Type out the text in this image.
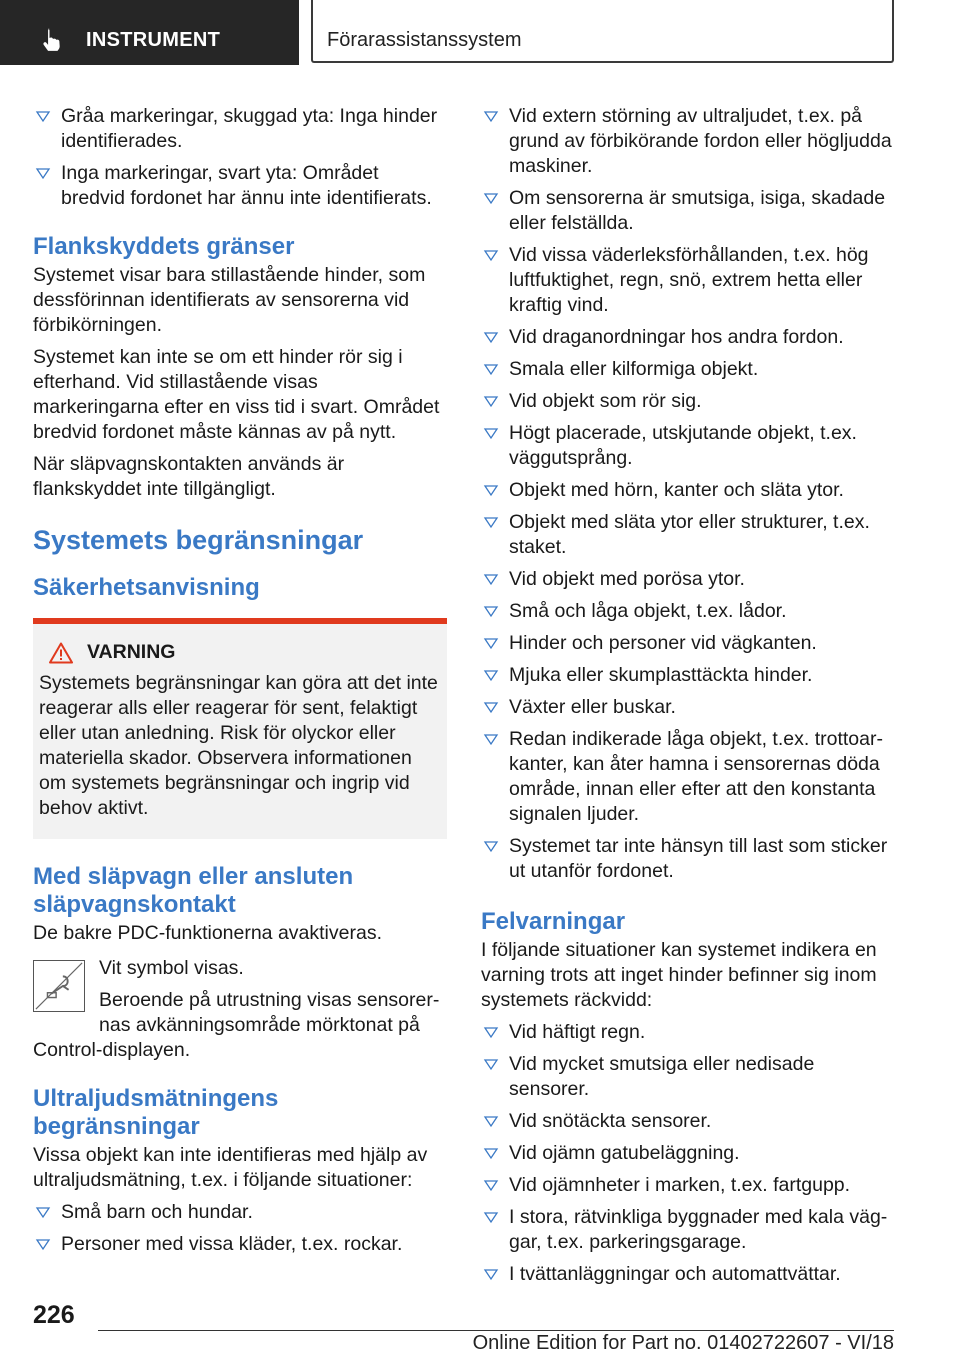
INSTRUMENT	Förarassistanssystem
Gråa markeringar, skuggad yta: Inga hinder identifierades.
Inga markeringar, svart yta: Området bredvid fordonet har ännu inte identifierats.
Flankskyddets gränser

Systemet visar bara stillastående hinder, som dessförinnan identifierats av sensorerna vid förbikörningen.

Systemet kan inte se om ett hinder rör sig i efterhand. Vid stillastående visas markeringarna efter en viss tid i svart. Området bredvid fordonet måste kännas av på nytt.

När släpvagnskontakten används är flankskyddet inte tillgängligt.

Systemets begränsningar
Säkerhetsanvisning
VARNING
Systemets begränsningar kan göra att det inte reagerar alls eller reagerar för sent, felaktigt eller utan anledning. Risk för olyckor eller materiella skador. Observera informationen om systemets begränsningar och ingrip vid behov aktivt.
Med släpvagn eller ansluten släpvagnskontakt

De bakre PDC-funktionerna avaktiveras.

Vit symbol visas.

Beroende på utrustning visas sensorernas avkänningsområde mörktonat på Control-displayen.

Ultraljudsmätningens begränsningar

Vissa objekt kan inte identifieras med hjälp av ultraljudsmätning, t.ex. i följande situationer:

Små barn och hundar.
Personer med vissa kläder, t.ex. rockar.
Vid extern störning av ultraljudet, t.ex. på grund av förbikörande fordon eller högljudda maskiner.
Om sensorerna är smutsiga, isiga, skadade eller felställda.
Vid vissa väderleksförhållanden, t.ex. hög luftfuktighet, regn, snö, extrem hetta eller kraftig vind.
Vid draganordningar hos andra fordon.
Smala eller kilformiga objekt.
Vid objekt som rör sig.
Högt placerade, utskjutande objekt, t.ex. väggutsprång.
Objekt med hörn, kanter och släta ytor.
Objekt med släta ytor eller strukturer, t.ex. staket.
Vid objekt med porösa ytor.
Små och låga objekt, t.ex. lådor.
Hinder och personer vid vägkanten.
Mjuka eller skumplasttäckta hinder.
Växter eller buskar.
Redan indikerade låga objekt, t.ex. trottoarkanter, kan åter hamna i sensorernas döda område, innan eller efter att den konstanta signalen ljuder.
Systemet tar inte hänsyn till last som sticker ut utanför fordonet.
Felvarningar

I följande situationer kan systemet indikera en varning trots att inget hinder befinner sig inom systemets räckvidd:

Vid häftigt regn.
Vid mycket smutsiga eller nedisade sensorer.
Vid snötäckta sensorer.
Vid ojämn gatubeläggning.
Vid ojämnheter i marken, t.ex. fartgupp.
I stora, rätvinkliga byggnader med kala väggar, t.ex. parkeringsgarage.
I tvättanläggningar och automattvättar.
226
Online Edition for Part no. 01402722607 - VI/18
